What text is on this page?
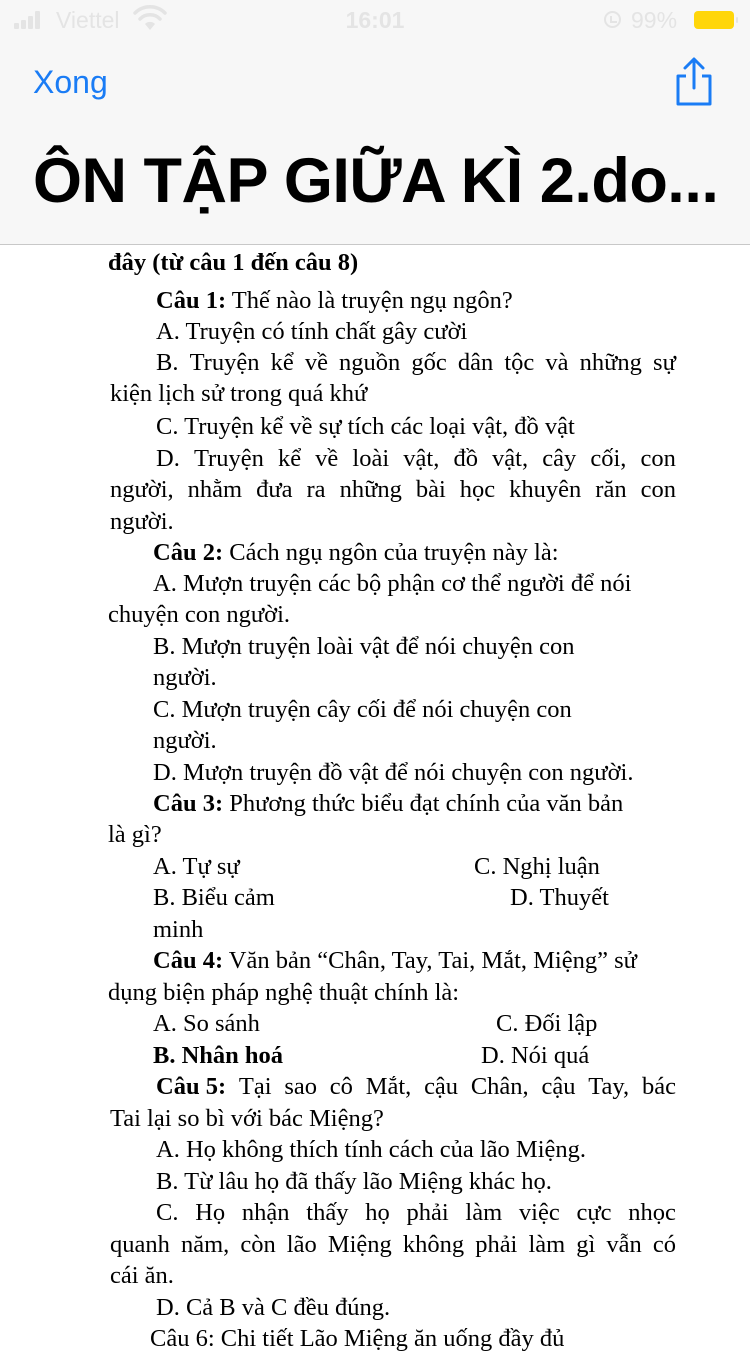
Viettel	16:01	99%
Xong
ÔN TẬP GIỮA KÌ 2.do...
đây (từ câu 1 đến câu 8)
Câu 1: Thế nào là truyện ngụ ngôn?
A. Truyện có tính chất gây cười
B. Truyện kể về nguồn gốc dân tộc và những sự
kiện lịch sử trong quá khứ
C. Truyện kể về sự tích các loại vật, đồ vật
D. Truyện kể về loài vật, đồ vật, cây cối, con
người, nhằm đưa ra những bài học khuyên răn con
người.
Câu 2: Cách ngụ ngôn của truyện này là:
A. Mượn truyện các bộ phận cơ thể người để nói
chuyện con người.
B. Mượn truyện loài vật để nói chuyện con
người.
C. Mượn truyện cây cối để nói chuyện con
người.
D. Mượn truyện đồ vật để nói chuyện con người.
Câu 3: Phương thức biểu đạt chính của văn bản
là gì?
A. Tự sự	C. Nghị luận
B. Biểu cảm	D. Thuyết
minh
Câu 4: Văn bản “Chân, Tay, Tai, Mắt, Miệng” sử
dụng biện pháp nghệ thuật chính là:
A. So sánh	C. Đối lập
B. Nhân hoá	D. Nói quá
Câu 5: Tại sao cô Mắt, cậu Chân, cậu Tay, bác
Tai lại so bì với bác Miệng?
A. Họ không thích tính cách của lão Miệng.
B. Từ lâu họ đã thấy lão Miệng khác họ.
C. Họ nhận thấy họ phải làm việc cực nhọc
quanh năm, còn lão Miệng không phải làm gì vẫn có
cái ăn.
D. Cả B và C đều đúng.
Câu 6: Chi tiết Lão Miệng ăn uống đầy đủ
